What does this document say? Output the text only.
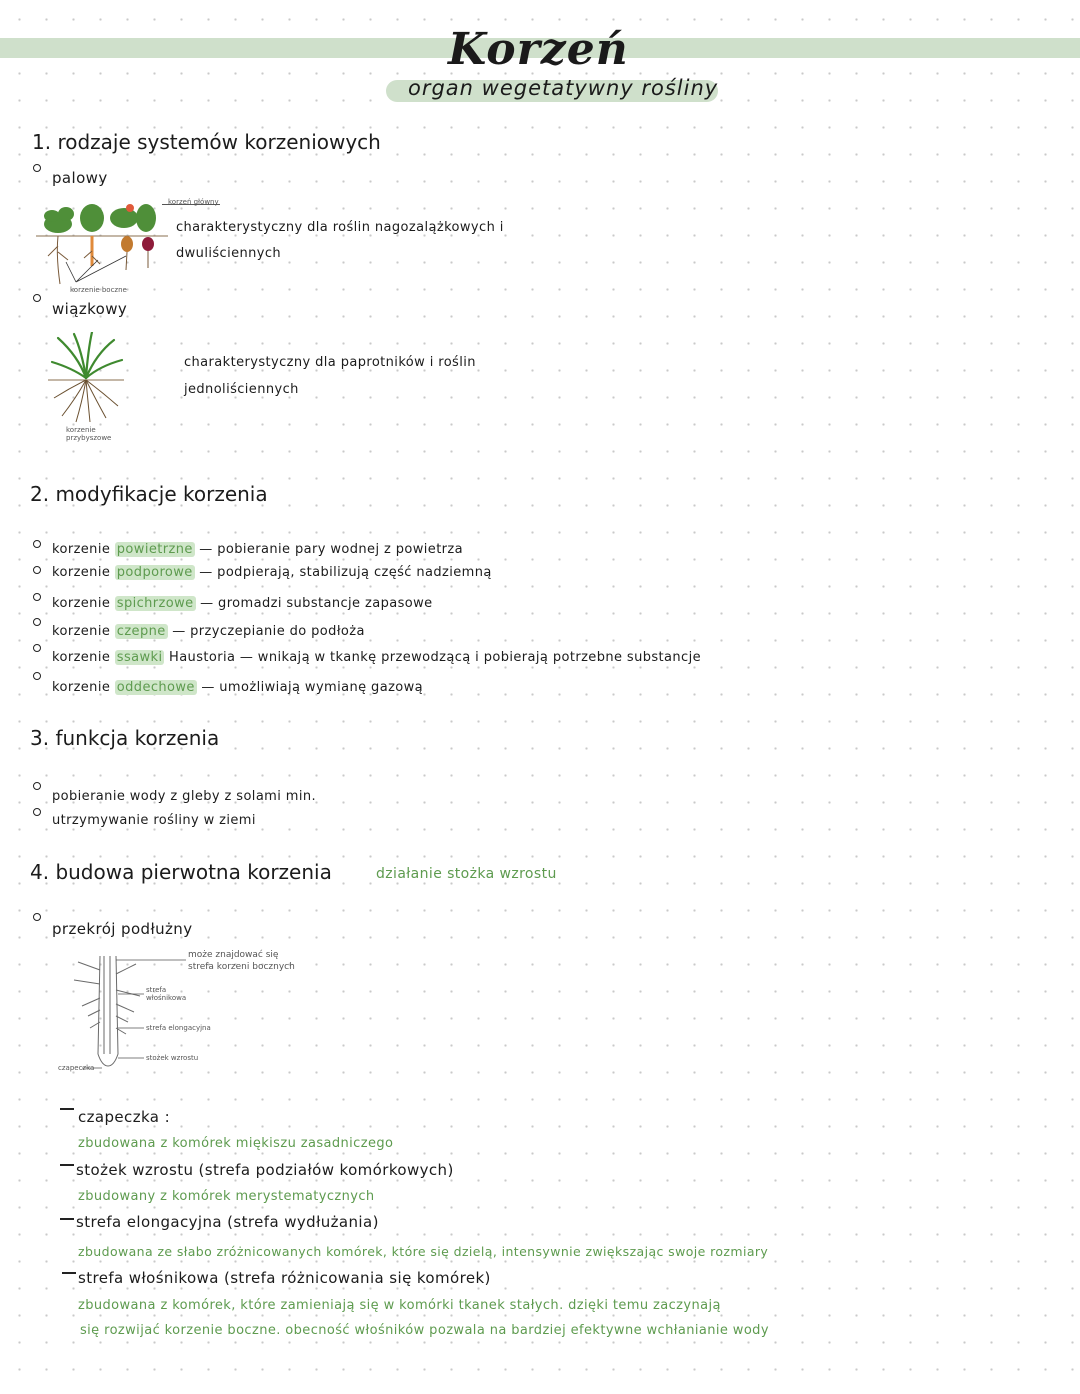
Korzeń
organ wegetatywny rośliny
1. rodzaje systemów korzeniowych
palowy
korzeń główny
korzenie boczne
charakterystyczny dla roślin nagozalążkowych i
dwuliściennych
wiązkowy
korzenie przybyszowe
charakterystyczny dla paprotników i roślin
jednoliściennych
2. modyfikacje korzenia
korzenie powietrzne — pobieranie pary wodnej z powietrza
korzenie podporowe — podpierają, stabilizują część nadziemną
korzenie spichrzowe — gromadzi substancje zapasowe
korzenie czepne — przyczepianie do podłoża
korzenie ssawki Haustoria — wnikają w tkankę przewodzącą i pobierają potrzebne substancje
korzenie oddechowe — umożliwiają wymianę gazową
3. funkcja korzenia
pobieranie wody z gleby z solami min.
utrzymywanie rośliny w ziemi
4. budowa pierwotna korzenia	działanie stożka wzrostu
przekrój podłużny
może znajdować się
strefa korzeni bocznych
strefa
włośnikowa
strefa elongacyjna
stożek wzrostu
czapeczka
czapeczka :
zbudowana z komórek miękiszu zasadniczego
stożek wzrostu (strefa podziałów komórkowych)
zbudowany z komórek merystematycznych
strefa elongacyjna (strefa wydłużania)
zbudowana ze słabo zróżnicowanych komórek, które się dzielą, intensywnie zwiększając swoje rozmiary
strefa włośnikowa (strefa różnicowania się komórek)
zbudowana z komórek, które zamieniają się w komórki tkanek stałych. dzięki temu zaczynają
się rozwijać korzenie boczne. obecność włośników pozwala na bardziej efektywne wchłanianie wody
